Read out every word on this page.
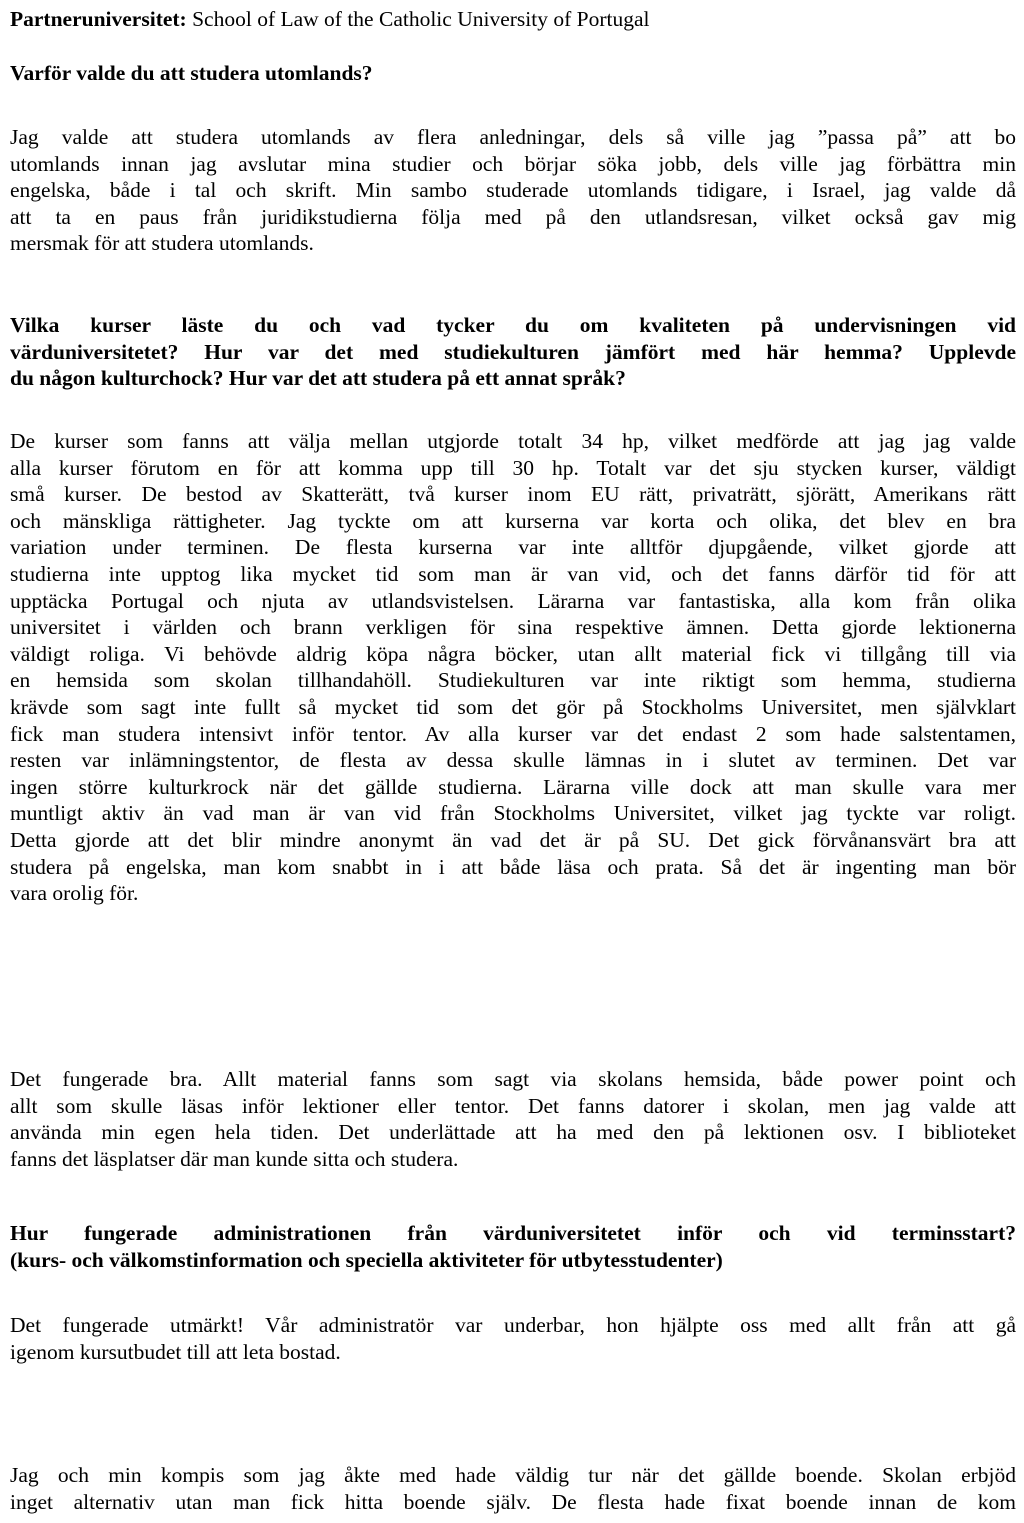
Partneruniversitet: School of Law of the Catholic University of Portugal
Varför valde du att studera utomlands?
Jag valde att studera utomlands av flera anledningar, dels så ville jag ”passa på” att bo
utomlands innan jag avslutar mina studier och börjar söka jobb, dels ville jag förbättra min
engelska, både i tal och skrift. Min sambo studerade utomlands tidigare, i Israel, jag valde då
att ta en paus från juridikstudierna följa med på den utlandsresan, vilket också gav mig
mersmak för att studera utomlands.
Vilka kurser läste du och vad tycker du om kvaliteten på undervisningen vid
värduniversitetet? Hur var det med studiekulturen jämfört med här hemma? Upplevde
du någon kulturchock? Hur var det att studera på ett annat språk?
De kurser som fanns att välja mellan utgjorde totalt 34 hp, vilket medförde att jag jag valde
alla kurser förutom en för att komma upp till 30 hp. Totalt var det sju stycken kurser, väldigt
små kurser. De bestod av Skatterätt, två kurser inom EU rätt, privaträtt, sjörätt, Amerikans rätt
och mänskliga rättigheter. Jag tyckte om att kurserna var korta och olika, det blev en bra
variation under terminen. De flesta kurserna var inte alltför djupgående, vilket gjorde att
studierna inte upptog lika mycket tid som man är van vid, och det fanns därför tid för att
upptäcka Portugal och njuta av utlandsvistelsen. Lärarna var fantastiska, alla kom från olika
universitet i världen och brann verkligen för sina respektive ämnen. Detta gjorde lektionerna
väldigt roliga. Vi behövde aldrig köpa några böcker, utan allt material fick vi tillgång till via
en hemsida som skolan tillhandahöll. Studiekulturen var inte riktigt som hemma, studierna
krävde som sagt inte fullt så mycket tid som det gör på Stockholms Universitet, men självklart
fick man studera intensivt inför tentor. Av alla kurser var det endast 2 som hade salstentamen,
resten var inlämningstentor, de flesta av dessa skulle lämnas in i slutet av terminen. Det var
ingen större kulturkrock när det gällde studierna. Lärarna ville dock att man skulle vara mer
muntligt aktiv än vad man är van vid från Stockholms Universitet, vilket jag tyckte var roligt.
Detta gjorde att det blir mindre anonymt än vad det är på SU. Det gick förvånansvärt bra att
studera på engelska, man kom snabbt in i att både läsa och prata. Så det är ingenting man bör
vara orolig för.
Det fungerade bra. Allt material fanns som sagt via skolans hemsida, både power point och
allt som skulle läsas inför lektioner eller tentor. Det fanns datorer i skolan, men jag valde att
använda min egen hela tiden. Det underlättade att ha med den på lektionen osv. I biblioteket
fanns det läsplatser där man kunde sitta och studera.
Hur fungerade administrationen från värduniversitetet inför och vid terminsstart?
(kurs- och välkomstinformation och speciella aktiviteter för utbytesstudenter)
Det fungerade utmärkt! Vår administratör var underbar, hon hjälpte oss med allt från att gå
igenom kursutbudet till att leta bostad.
Jag och min kompis som jag åkte med hade väldig tur när det gällde boende. Skolan erbjöd
inget alternativ utan man fick hitta boende själv. De flesta hade fixat boende innan de kom
